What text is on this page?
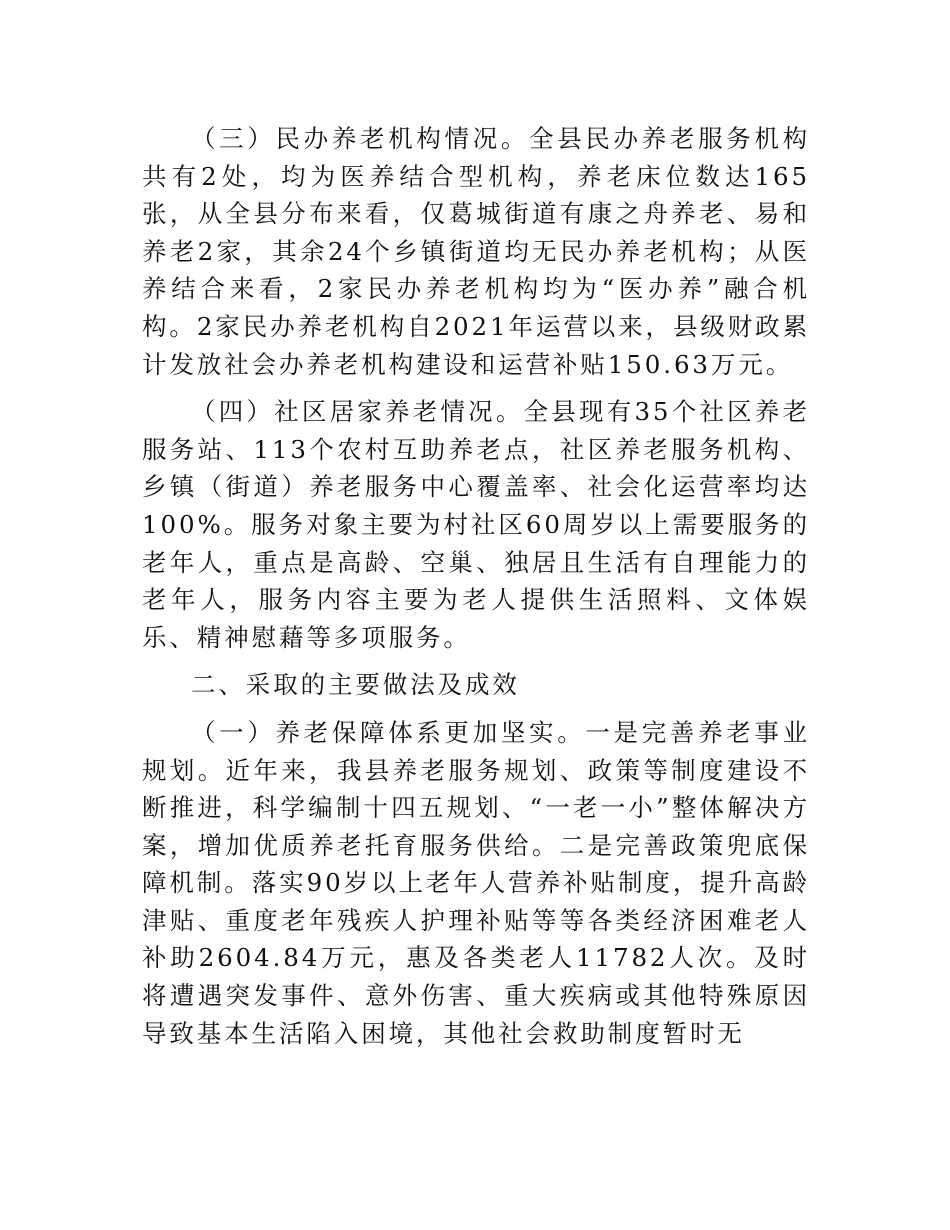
（三）民办养老机构情况。全县民办养老服务机构共有2处，均为医养结合型机构，养老床位数达165张，从全县分布来看，仅葛城街道有康之舟养老、易和养老2家，其余24个乡镇街道均无民办养老机构；从医养结合来看，2家民办养老机构均为“医办养”融合机构。2家民办养老机构自2021年运营以来，县级财政累计发放社会办养老机构建设和运营补贴150.63万元。

（四）社区居家养老情况。全县现有35个社区养老服务站、113个农村互助养老点，社区养老服务机构、乡镇（街道）养老服务中心覆盖率、社会化运营率均达100%。服务对象主要为村社区60周岁以上需要服务的老年人，重点是高龄、空巢、独居且生活有自理能力的老年人，服务内容主要为老人提供生活照料、文体娱乐、精神慰藉等多项服务。

二、采取的主要做法及成效

（一）养老保障体系更加坚实。一是完善养老事业规划。近年来，我县养老服务规划、政策等制度建设不断推进，科学编制十四五规划、“一老一小”整体解决方案，增加优质养老托育服务供给。二是完善政策兜底保障机制。落实90岁以上老年人营养补贴制度，提升高龄津贴、重度老年残疾人护理补贴等等各类经济困难老人补助2604.84万元，惠及各类老人11782人次。及时将遭遇突发事件、意外伤害、重大疾病或其他特殊原因导致基本生活陷入困境，其他社会救助制度暂时无
